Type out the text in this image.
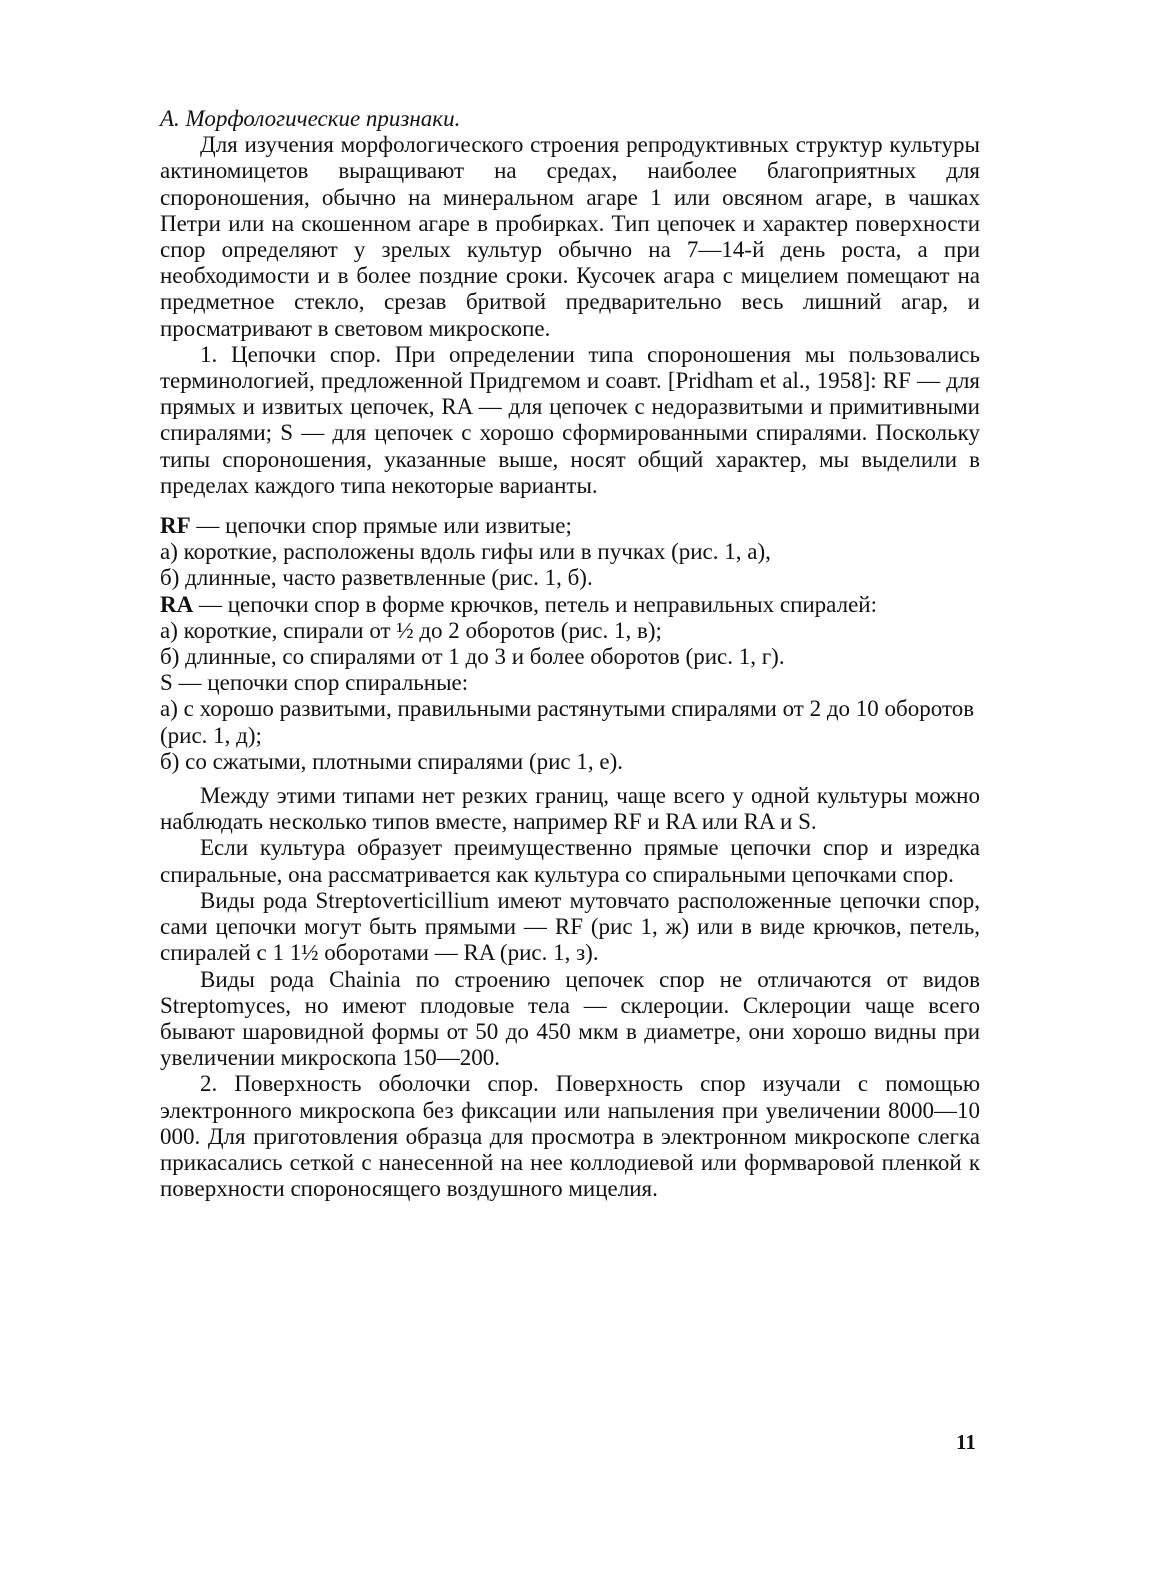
А. Морфологические признаки.

Для изучения морфологического строения репродуктивных структур культуры актиномицетов выращивают на средах, наиболее благоприятных для спороношения, обычно на минеральном агаре 1 или овсяном агаре, в чашках Петри или на скошенном агаре в пробирках. Тип цепочек и характер поверхности спор определяют у зрелых культур обычно на 7—14-й день роста, а при необходимости и в более поздние сроки. Кусочек агара с мицелием помещают на предметное стекло, срезав бритвой предварительно весь лишний агар, и просматривают в световом микроскопе.

1. Цепочки спор. При определении типа спороношения мы пользовались терминологией, предложенной Придгемом и соавт. [Pridham et al., 1958]: RF — для прямых и извитых цепочек, RA — для цепочек с недоразвитыми и примитивными спиралями; S — для цепочек с хорошо сформированными спиралями. Поскольку типы спороношения, указанные выше, носят общий характер, мы выделили в пределах каждого типа некоторые варианты.

RF — цепочки спор прямые или извитые;

а) короткие, расположены вдоль гифы или в пучках (рис. 1, а),

б) длинные, часто разветвленные (рис. 1, б).

RA — цепочки спор в форме крючков, петель и неправильных спиралей:

а) короткие, спирали от ½ до 2 оборотов (рис. 1, в);

б) длинные, со спиралями от 1 до 3 и более оборотов (рис. 1, г).

S — цепочки спор спиральные:

а) с хорошо развитыми, правильными растянутыми спиралями от 2 до 10 оборотов (рис. 1, д);

б) со сжатыми, плотными спиралями (рис 1, е).

Между этими типами нет резких границ, чаще всего у одной культуры можно наблюдать несколько типов вместе, например RF и RA или RA и S.

Если культура образует преимущественно прямые цепочки спор и изредка спиральные, она рассматривается как культура со спиральными цепочками спор.

Виды рода Streptoverticillium имеют мутовчато расположенные цепочки спор, сами цепочки могут быть прямыми — RF (рис 1, ж) или в виде крючков, петель, спиралей с 1 1½ оборотами — RA (рис. 1, з).

Виды рода Chainia по строению цепочек спор не отличаются от видов Streptomyces, но имеют плодовые тела — склероции. Склероции чаще всего бывают шаровидной формы от 50 до 450 мкм в диаметре, они хорошо видны при увеличении микроскопа 150—200.

2. Поверхность оболочки спор. Поверхность спор изучали с помощью электронного микроскопа без фиксации или напыления при увеличении 8000—10 000. Для приготовления образца для просмотра в электронном микроскопе слегка прикасались сеткой с нанесенной на нее коллодиевой или формваровой пленкой к поверхности спороносящего воздушного мицелия.

11
